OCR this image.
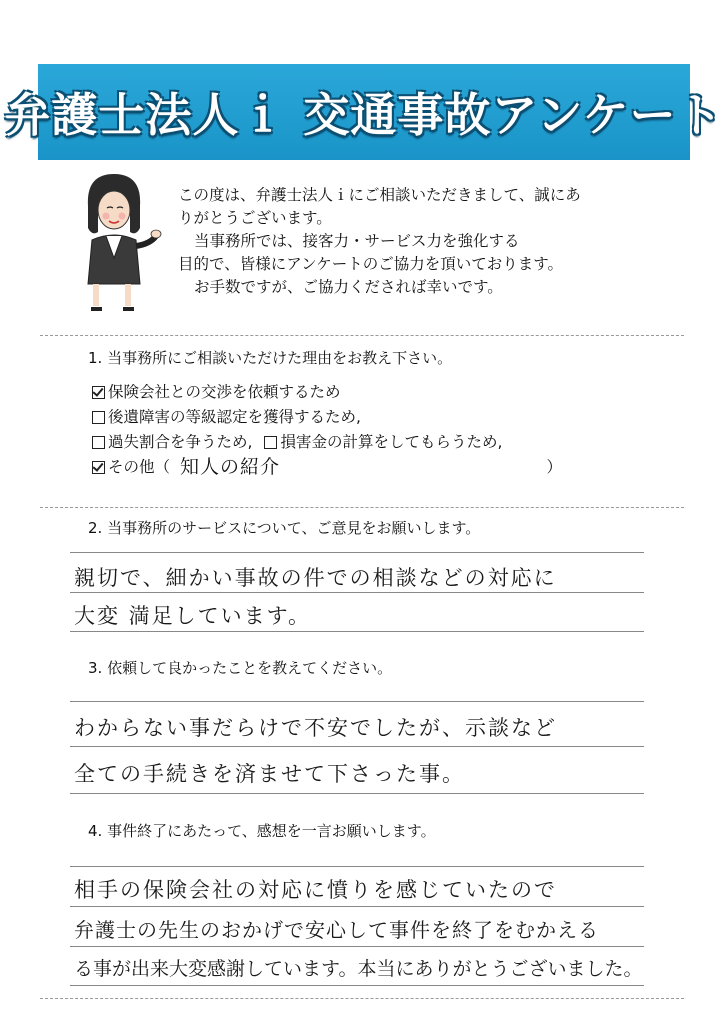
弁護士法人ｉ 交通事故アンケート

この度は、弁護士法人ｉにご相談いただきまして、誠にあ

りがとうございます。

当事務所では、接客力・サービス力を強化する

目的で、皆様にアンケートのご協力を頂いております。

お手数ですが、ご協力くだされば幸いです。

1. 当事務所にご相談いただけた理由をお教え下さい。
保険会社との交渉を依頼するため
後遺障害の等級認定を獲得するため,
過失割合を争うため, 損害金の計算をしてもらうため,
その他（ 知人の紹介	）
2. 当事務所のサービスについて、ご意見をお願いします。
親切で、細かい事故の件での相談などの対応に
大変 満足しています。
3. 依頼して良かったことを教えてください。
わからない事だらけで不安でしたが、示談など
全ての手続きを済ませて下さった事。
4. 事件終了にあたって、感想を一言お願いします。
相手の保険会社の対応に憤りを感じていたので
弁護士の先生のおかげで安心して事件を終了をむかえる
る事が出来大変感謝しています。本当にありがとうございました。
